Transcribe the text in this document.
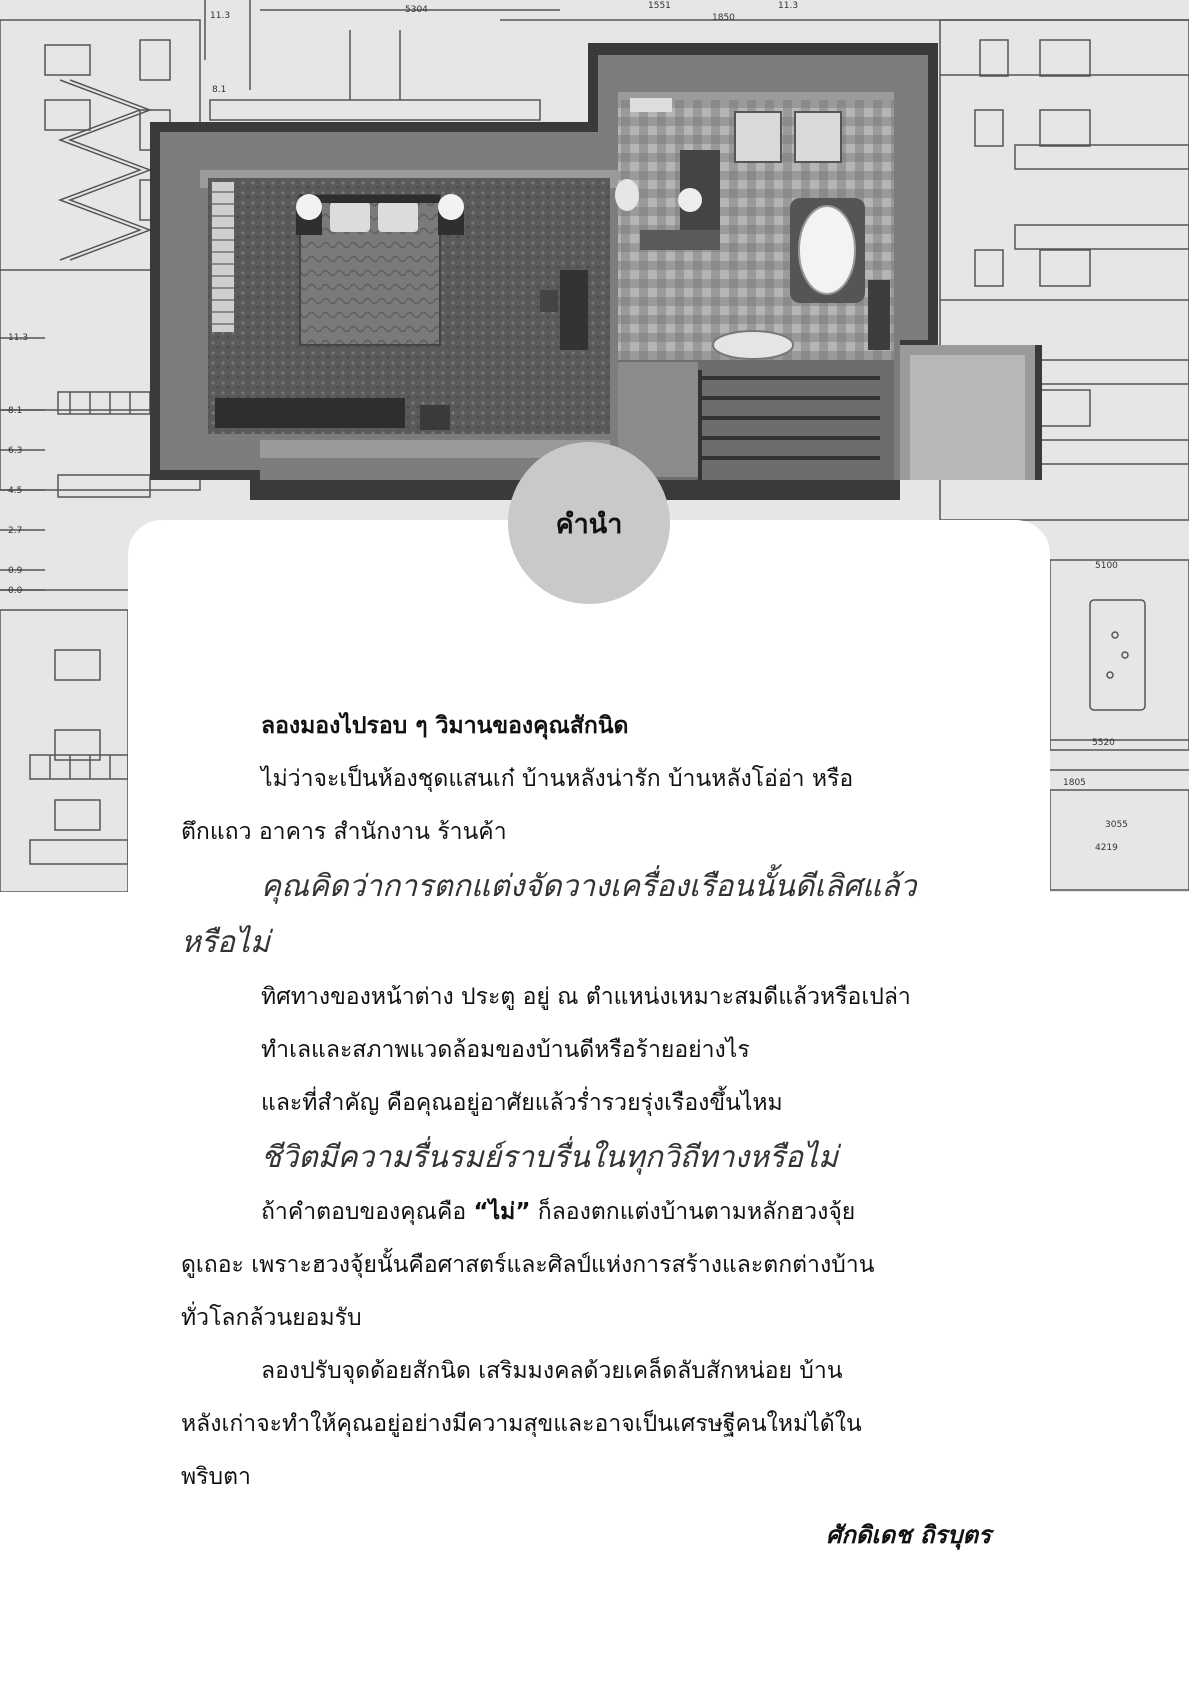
11.3
5304	1551
1850
11.3
8.1
11.3
8.1
6.3
4.5
2.7
0.9
0.0
5100
5520
1805
3055
4219
คำนำ

ลองมองไปรอบ ๆ วิมานของคุณสักนิด

ไม่ว่าจะเป็นห้องชุดแสนเก๋ บ้านหลังน่ารัก บ้านหลังโอ่อ่า หรือ

ตึกแถว อาคาร สำนักงาน ร้านค้า

คุณคิดว่าการตกแต่งจัดวางเครื่องเรือนนั้นดีเลิศแล้ว

หรือไม่

ทิศทางของหน้าต่าง ประตู อยู่ ณ ตำแหน่งเหมาะสมดีแล้วหรือเปล่า

ทำเลและสภาพแวดล้อมของบ้านดีหรือร้ายอย่างไร

และที่สำคัญ คือคุณอยู่อาศัยแล้วร่ำรวยรุ่งเรืองขึ้นไหม

ชีวิตมีความรื่นรมย์ราบรื่นในทุกวิถีทางหรือไม่

ถ้าคำตอบของคุณคือ “ไม่” ก็ลองตกแต่งบ้านตามหลักฮวงจุ้ย

ดูเถอะ เพราะฮวงจุ้ยนั้นคือศาสตร์และศิลป์แห่งการสร้างและตกต่างบ้าน

ทั่วโลกล้วนยอมรับ

ลองปรับจุดด้อยสักนิด เสริมมงคลด้วยเคล็ดลับสักหน่อย บ้าน

หลังเก่าจะทำให้คุณอยู่อย่างมีความสุขและอาจเป็นเศรษฐีคนใหม่ได้ใน

พริบตา

ศักดิเดช ถิรบุตร
